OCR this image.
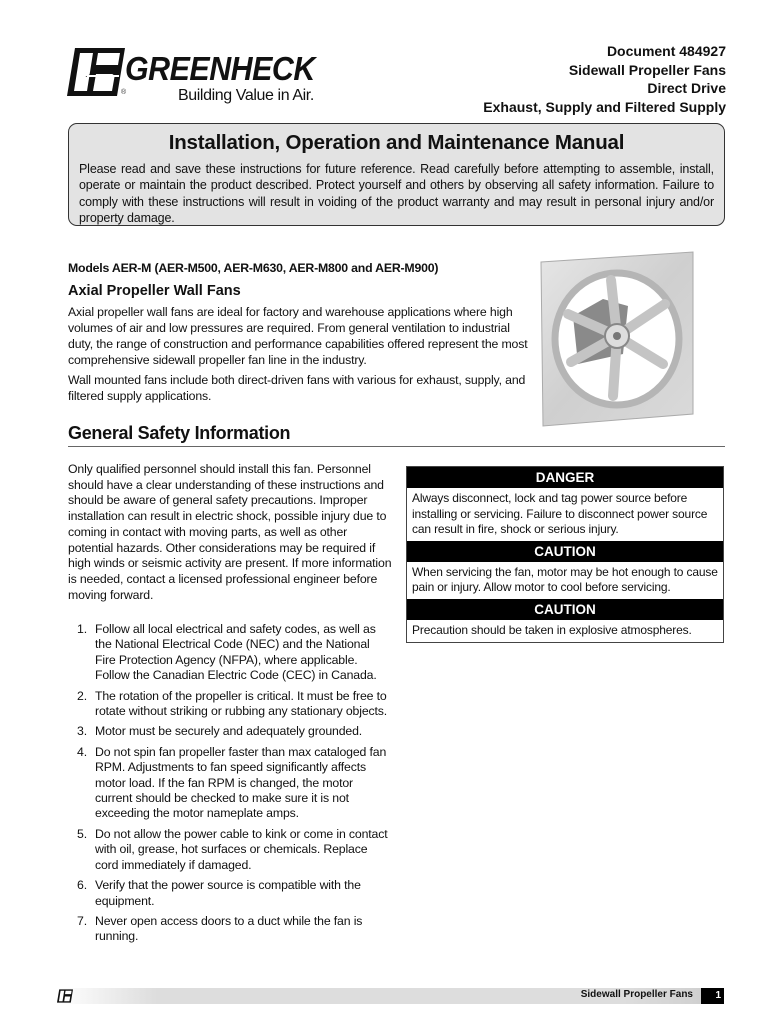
GREENHECK
®	Building Value in Air.
Document 484927
Sidewall Propeller Fans
Direct Drive
Exhaust, Supply and Filtered Supply
Installation, Operation and Maintenance Manual

Please read and save these instructions for future reference. Read carefully before attempting to assemble, install, operate or maintain the product described. Protect yourself and others by observing all safety information. Failure to comply with these instructions will result in voiding of the product warranty and may result in personal injury and/or property damage.

Models AER-M (AER-M500, AER-M630, AER-M800 and AER-M900)
Axial Propeller Wall Fans

Axial propeller wall fans are ideal for factory and warehouse applications where high volumes of air and low pressures are required. From general ventilation to industrial duty, the range of construction and performance capabilities offered represent the most comprehensive sidewall propeller fan line in the industry.

Wall mounted fans include both direct-driven fans with various for exhaust, supply, and filtered supply applications.

General Safety Information

Only qualified personnel should install this fan. Personnel should have a clear understanding of these instructions and should be aware of general safety precautions. Improper installation can result in electric shock, possible injury due to coming in contact with moving parts, as well as other potential hazards. Other considerations may be required if high winds or seismic activity are present. If more information is needed, contact a licensed professional engineer before moving forward.

1. Follow all local electrical and safety codes, as well as the National Electrical Code (NEC) and the National Fire Protection Agency (NFPA), where applicable. Follow the Canadian Electric Code (CEC) in Canada.
2. The rotation of the propeller is critical. It must be free to rotate without striking or rubbing any stationary objects.
3. Motor must be securely and adequately grounded.
4. Do not spin fan propeller faster than max cataloged fan RPM. Adjustments to fan speed significantly affects motor load. If the fan RPM is changed, the motor current should be checked to make sure it is not exceeding the motor nameplate amps.
5. Do not allow the power cable to kink or come in contact with oil, grease, hot surfaces or chemicals. Replace cord immediately if damaged.
6. Verify that the power source is compatible with the equipment.
7. Never open access doors to a duct while the fan is running.
DANGER
Always disconnect, lock and tag power source before installing or servicing. Failure to disconnect power source can result in fire, shock or serious injury.
CAUTION
When servicing the fan, motor may be hot enough to cause pain or injury. Allow motor to cool before servicing.
CAUTION
Precaution should be taken in explosive atmospheres.
Sidewall Propeller Fans	1
